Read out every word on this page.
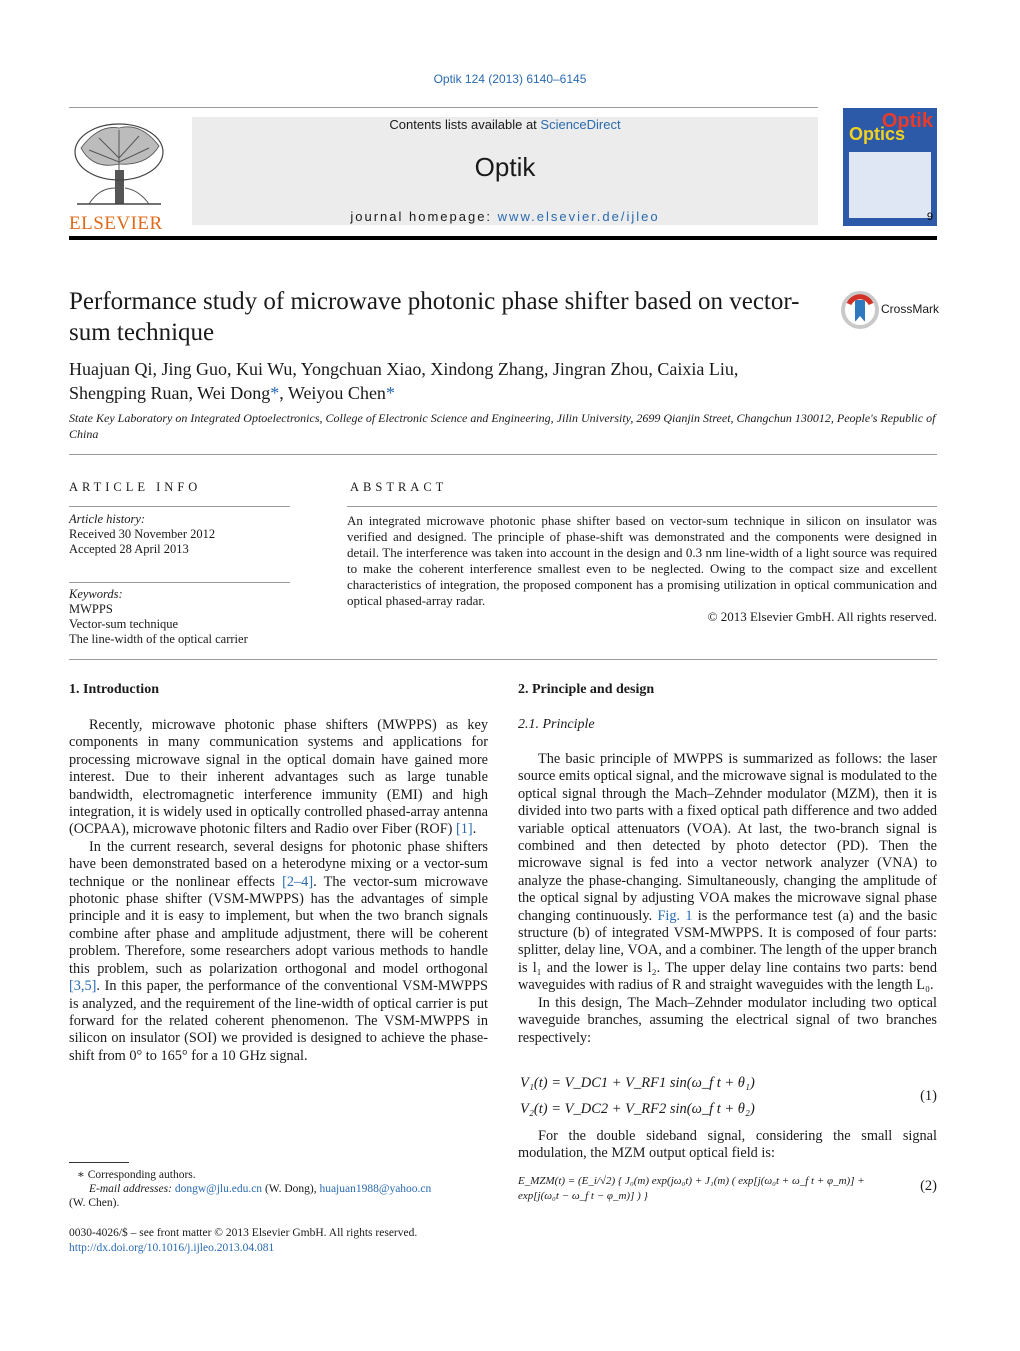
Optik 124 (2013) 6140–6145
ELSEVIER
Contents lists available at ScienceDirect
Optik
journal homepage: www.elsevier.de/ijleo
Optik
Optics
9
Performance study of microwave photonic phase shifter based on vector-sum technique
CrossMark
Huajuan Qi, Jing Guo, Kui Wu, Yongchuan Xiao, Xindong Zhang, Jingran Zhou, Caixia Liu,
Shengping Ruan, Wei Dong*, Weiyou Chen*
State Key Laboratory on Integrated Optoelectronics, College of Electronic Science and Engineering, Jilin University, 2699 Qianjin Street, Changchun 130012, People's Republic of China
ARTICLE INFO
Article history:
Received 30 November 2012
Accepted 28 April 2013
Keywords:
MWPPS
Vector-sum technique
The line-width of the optical carrier
ABSTRACT
An integrated microwave photonic phase shifter based on vector-sum technique in silicon on insulator was verified and designed. The principle of phase-shift was demonstrated and the components were designed in detail. The interference was taken into account in the design and 0.3 nm line-width of a light source was required to make the coherent interference smallest even to be neglected. Owing to the compact size and excellent characteristics of integration, the proposed component has a promising utilization in optical communication and optical phased-array radar.
© 2013 Elsevier GmbH. All rights reserved.
1. Introduction

Recently, microwave photonic phase shifters (MWPPS) as key components in many communication systems and applications for processing microwave signal in the optical domain have gained more interest. Due to their inherent advantages such as large tunable bandwidth, electromagnetic interference immunity (EMI) and high integration, it is widely used in optically controlled phased-array antenna (OCPAA), microwave photonic filters and Radio over Fiber (ROF) [1].

In the current research, several designs for photonic phase shifters have been demonstrated based on a heterodyne mixing or a vector-sum technique or the nonlinear effects [2–4]. The vector-sum microwave photonic phase shifter (VSM-MWPPS) has the advantages of simple principle and it is easy to implement, but when the two branch signals combine after phase and amplitude adjustment, there will be coherent problem. Therefore, some researchers adopt various methods to handle this problem, such as polarization orthogonal and model orthogonal [3,5]. In this paper, the performance of the conventional VSM-MWPPS is analyzed, and the requirement of the line-width of optical carrier is put forward for the related coherent phenomenon. The VSM-MWPPS in silicon on insulator (SOI) we provided is designed to achieve the phase-shift from 0° to 165° for a 10 GHz signal.

∗ Corresponding authors.
E-mail addresses: dongw@jlu.edu.cn (W. Dong), huajuan1988@yahoo.cn
(W. Chen).
0030-4026/$ – see front matter © 2013 Elsevier GmbH. All rights reserved.
http://dx.doi.org/10.1016/j.ijleo.2013.04.081
2. Principle and design
2.1. Principle

The basic principle of MWPPS is summarized as follows: the laser source emits optical signal, and the microwave signal is modulated to the optical signal through the Mach–Zehnder modulator (MZM), then it is divided into two parts with a fixed optical path difference and two added variable optical attenuators (VOA). At last, the two-branch signal is combined and then detected by photo detector (PD). Then the microwave signal is fed into a vector network analyzer (VNA) to analyze the phase-changing. Simultaneously, changing the amplitude of the optical signal by adjusting VOA makes the microwave signal phase changing continuously. Fig. 1 is the performance test (a) and the basic structure (b) of integrated VSM-MWPPS. It is composed of four parts: splitter, delay line, VOA, and a combiner. The length of the upper branch is l₁ and the lower is l₂. The upper delay line contains two parts: bend waveguides with radius of R and straight waveguides with the length L₀.

In this design, The Mach–Zehnder modulator including two optical waveguide branches, assuming the electrical signal of two branches respectively:

V₁(t) = V_DC1 + V_RF1 sin(ω_f t + θ₁)
V₂(t) = V_DC2 + V_RF2 sin(ω_f t + θ₂)
(1)

For the double sideband signal, considering the small signal modulation, the MZM output optical field is:

E_MZM(t) = (E_i/√2) { J₀(m) exp(jω₀t) + J₁(m) ( exp[j(ω₀t + ω_f t + φ_m)] + exp[j(ω₀t − ω_f t − φ_m)] ) }
(2)
